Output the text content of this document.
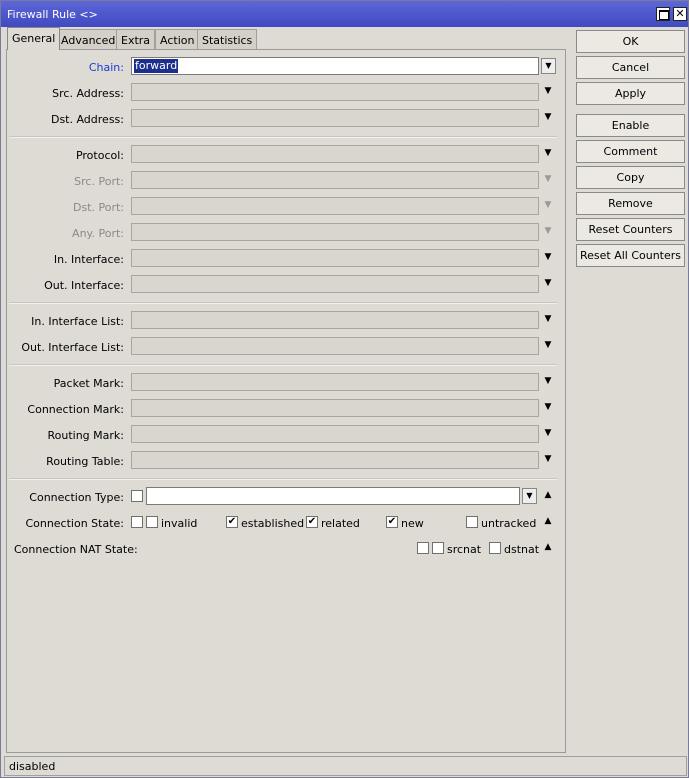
Firewall Rule <>	✕
General Advanced Extra Action Statistics
Chain: forward	▼
Src. Address:	▼
Dst. Address:	▼
Protocol:	▼
Src. Port:	▼
Dst. Port:	▼
Any. Port:	▼
In. Interface:	▼
Out. Interface:	▼
In. Interface List:	▼
Out. Interface List:	▼
Packet Mark:	▼
Connection Mark:	▼
Routing Mark:	▼
Routing Table:	▼
Connection Type:	▼	▲
Connection State:	invalid	✔ established ✔ related	✔ new	untracked ▲
Connection NAT State:	srcnat dstnat ▲
OK
Cancel
Apply
Enable
Comment
Copy
Remove
Reset Counters
Reset All Counters
disabled
